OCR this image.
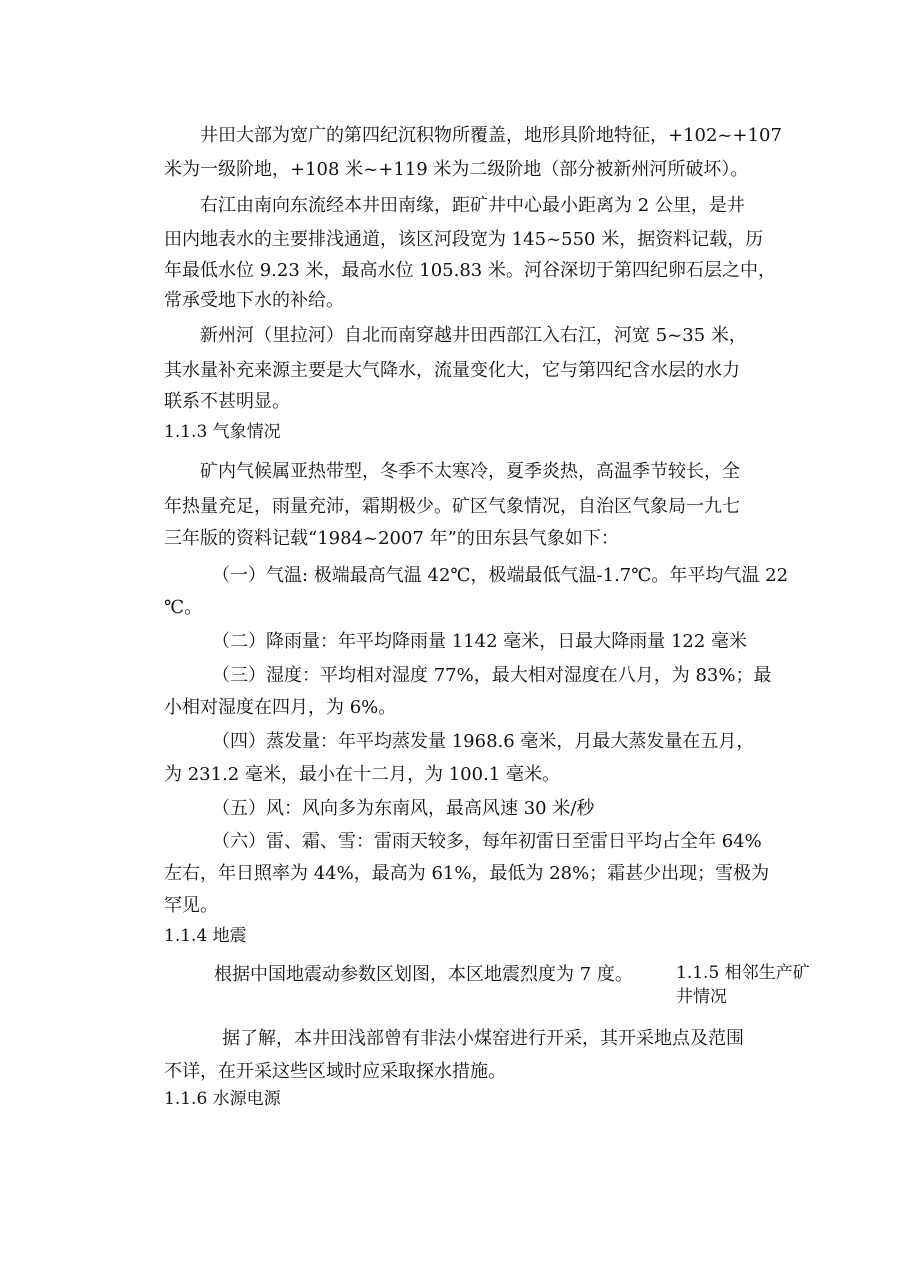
井田大部为宽广的第四纪沉积物所覆盖，地形具阶地特征，+102~+107
米为一级阶地，+108 米~+119 米为二级阶地（部分被新州河所破坏）。
右江由南向东流经本井田南缘，距矿井中心最小距离为 2 公里，是井
田内地表水的主要排浅通道，该区河段宽为 145~550 米，据资料记载，历
年最低水位 9.23 米，最高水位 105.83 米。河谷深切于第四纪卵石层之中，
常承受地下水的补给。
新州河（里拉河）自北而南穿越井田西部江入右江，河宽 5~35 米，
其水量补充来源主要是大气降水，流量变化大，它与第四纪含水层的水力
联系不甚明显。
1.1.3 气象情况
矿内气候属亚热带型，冬季不太寒冷，夏季炎热，高温季节较长，全
年热量充足，雨量充沛，霜期极少。矿区气象情况，自治区气象局一九七
三年版的资料记载“1984~2007 年”的田东县气象如下：
（一）气温: 极端最高气温 42℃，极端最低气温-1.7℃。年平均气温 22
℃。
（二）降雨量：年平均降雨量 1142 毫米，日最大降雨量 122 毫米
（三）湿度：平均相对湿度 77%，最大相对湿度在八月，为 83%；最
小相对湿度在四月，为 6%。
（四）蒸发量：年平均蒸发量 1968.6 毫米，月最大蒸发量在五月，
为 231.2 毫米，最小在十二月，为 100.1 毫米。
（五）风：风向多为东南风，最高风速 30 米/秒
（六）雷、霜、雪：雷雨天较多，每年初雷日至雷日平均占全年 64%
左右，年日照率为 44%，最高为 61%，最低为 28%；霜甚少出现；雪极为
罕见。
1.1.4 地震
根据中国地震动参数区划图，本区地震烈度为 7 度。	1.1.5 相邻生产矿井情况
据了解，本井田浅部曾有非法小煤窑进行开采，其开采地点及范围
不详，在开采这些区域时应采取探水措施。
1.1.6 水源电源
